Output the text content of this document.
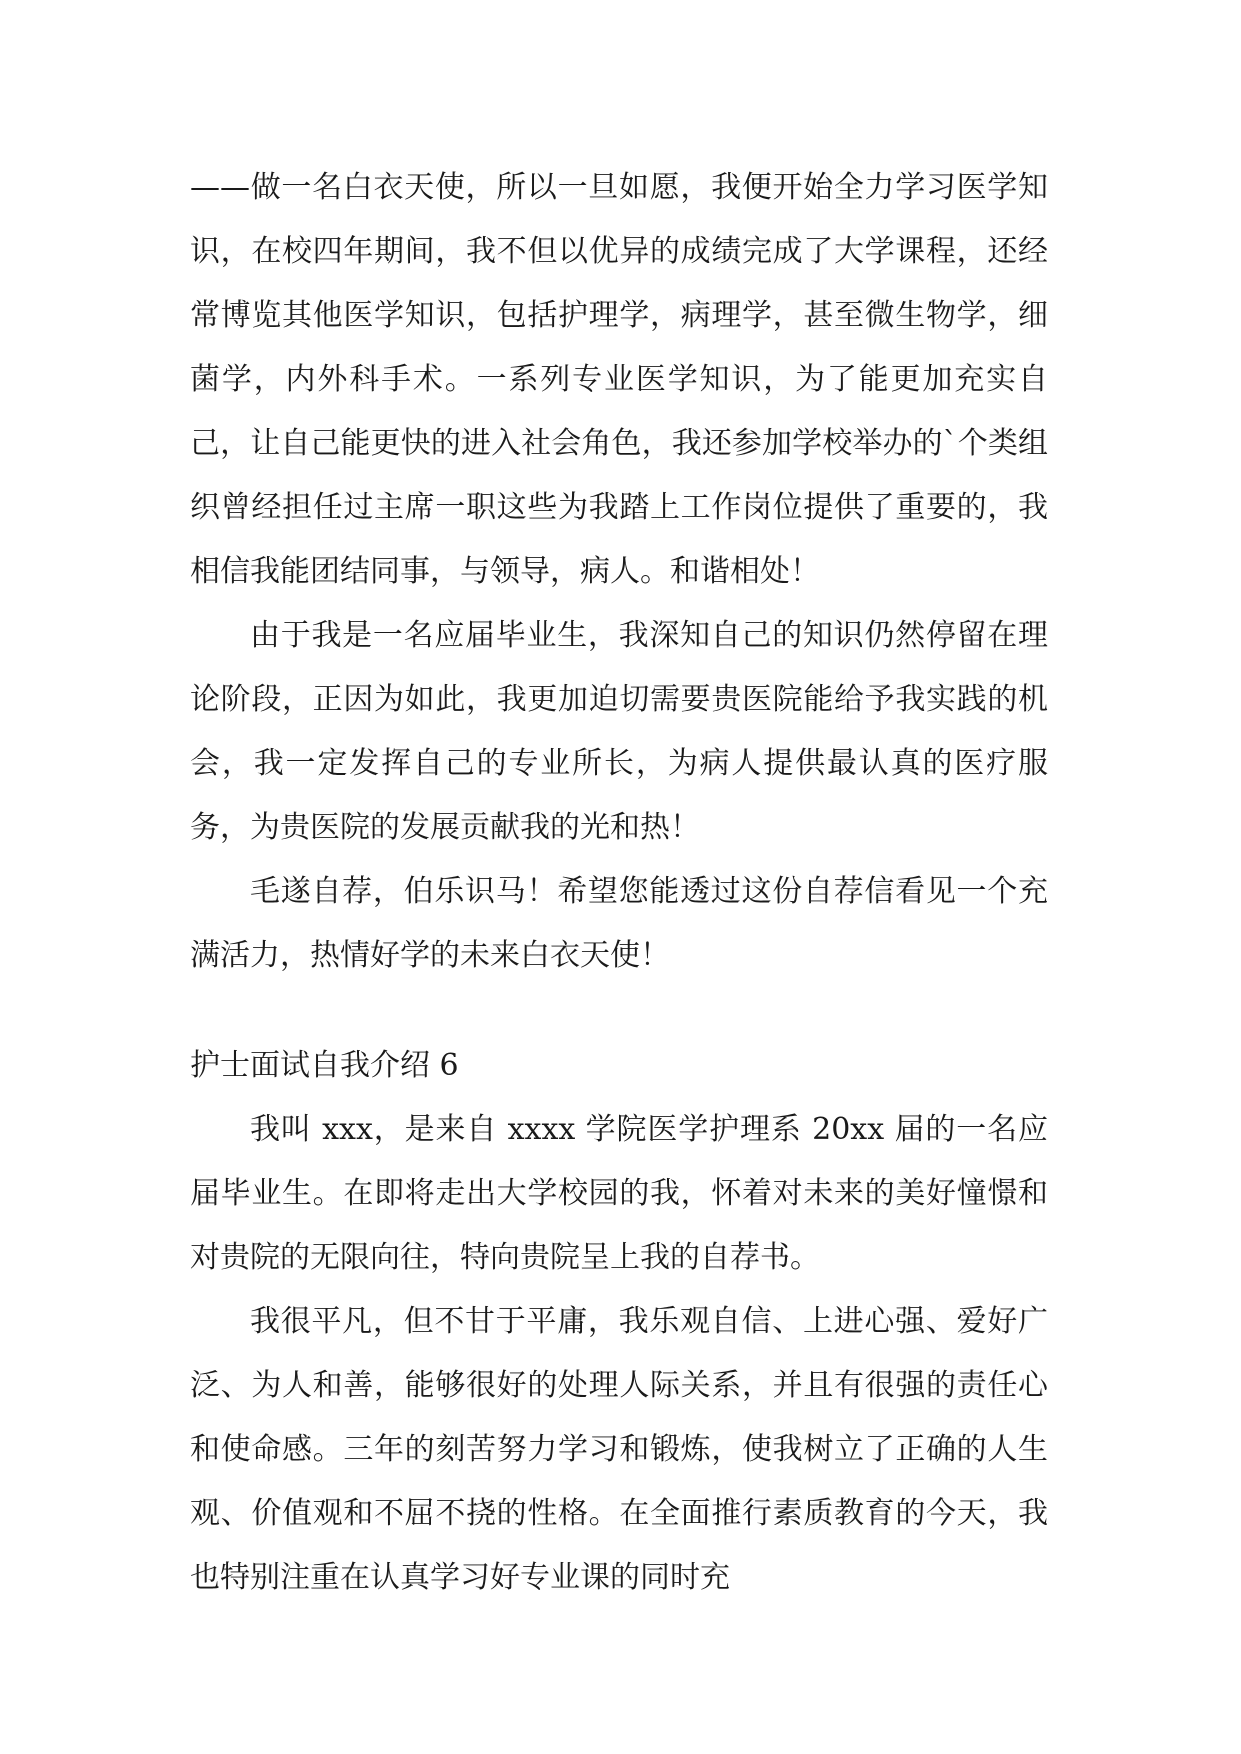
——做一名白衣天使，所以一旦如愿，我便开始全力学习医学知识，在校四年期间，我不但以优异的成绩完成了大学课程，还经常博览其他医学知识，包括护理学，病理学，甚至微生物学，细菌学，内外科手术。一系列专业医学知识，为了能更加充实自己，让自己能更快的进入社会角色，我还参加学校举办的`个类组织曾经担任过主席一职这些为我踏上工作岗位提供了重要的，我相信我能团结同事，与领导，病人。和谐相处！

由于我是一名应届毕业生，我深知自己的知识仍然停留在理论阶段，正因为如此，我更加迫切需要贵医院能给予我实践的机会，我一定发挥自己的专业所长，为病人提供最认真的医疗服务，为贵医院的发展贡献我的光和热！

毛遂自荐，伯乐识马！希望您能透过这份自荐信看见一个充满活力，热情好学的未来白衣天使！

护士面试自我介绍 6

我叫 xxx，是来自 xxxx 学院医学护理系 20xx 届的一名应届毕业生。在即将走出大学校园的我，怀着对未来的美好憧憬和对贵院的无限向往，特向贵院呈上我的自荐书。

我很平凡，但不甘于平庸，我乐观自信、上进心强、爱好广泛、为人和善，能够很好的处理人际关系，并且有很强的责任心和使命感。三年的刻苦努力学习和锻炼，使我树立了正确的人生观、价值观和不屈不挠的性格。在全面推行素质教育的今天，我也特别注重在认真学习好专业课的同时充
